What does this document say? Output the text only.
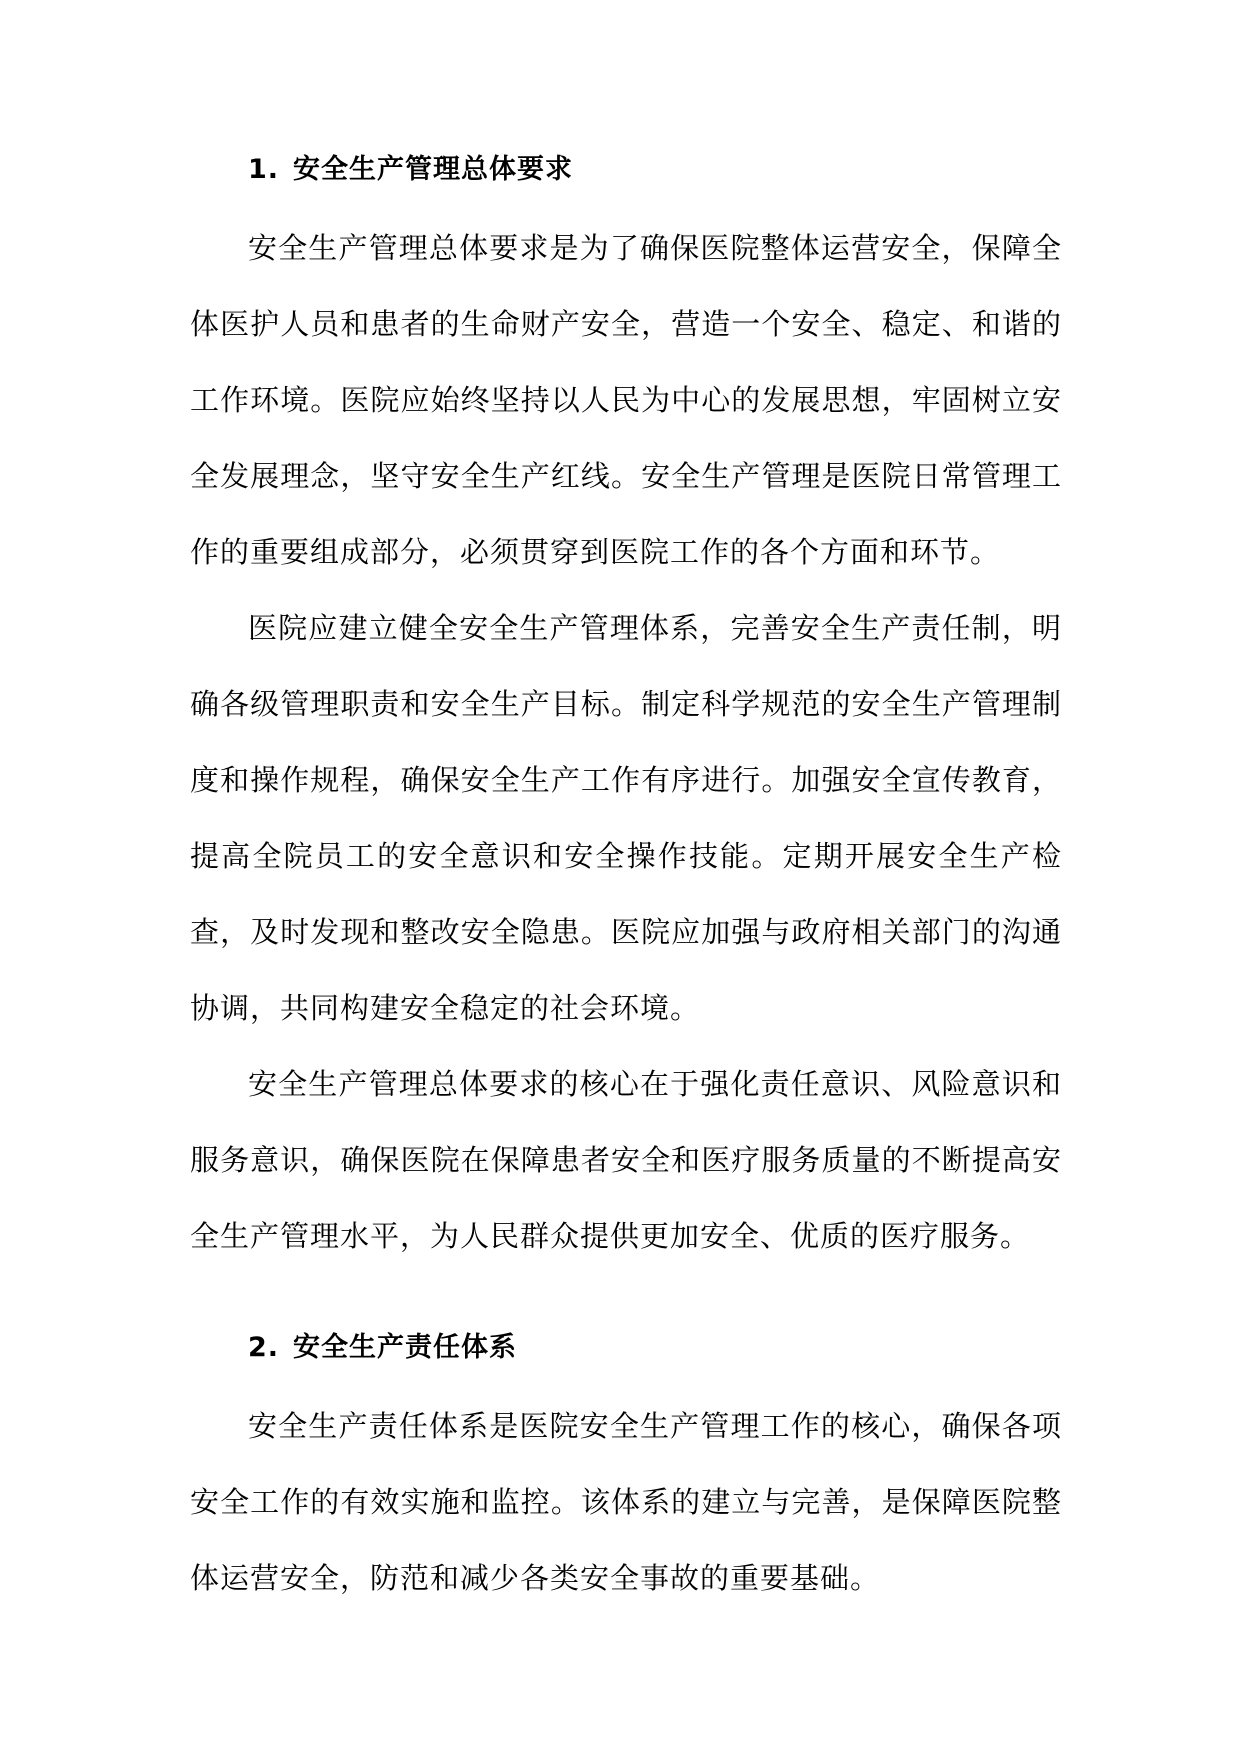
1. 安全生产管理总体要求

安全生产管理总体要求是为了确保医院整体运营安全，保障全体医护人员和患者的生命财产安全，营造一个安全、稳定、和谐的工作环境。医院应始终坚持以人民为中心的发展思想，牢固树立安全发展理念，坚守安全生产红线。安全生产管理是医院日常管理工作的重要组成部分，必须贯穿到医院工作的各个方面和环节。

医院应建立健全安全生产管理体系，完善安全生产责任制，明确各级管理职责和安全生产目标。制定科学规范的安全生产管理制度和操作规程，确保安全生产工作有序进行。加强安全宣传教育，提高全院员工的安全意识和安全操作技能。定期开展安全生产检查，及时发现和整改安全隐患。医院应加强与政府相关部门的沟通协调，共同构建安全稳定的社会环境。

安全生产管理总体要求的核心在于强化责任意识、风险意识和服务意识，确保医院在保障患者安全和医疗服务质量的不断提高安全生产管理水平，为人民群众提供更加安全、优质的医疗服务。

2. 安全生产责任体系

安全生产责任体系是医院安全生产管理工作的核心，确保各项安全工作的有效实施和监控。该体系的建立与完善，是保障医院整体运营安全，防范和减少各类安全事故的重要基础。
